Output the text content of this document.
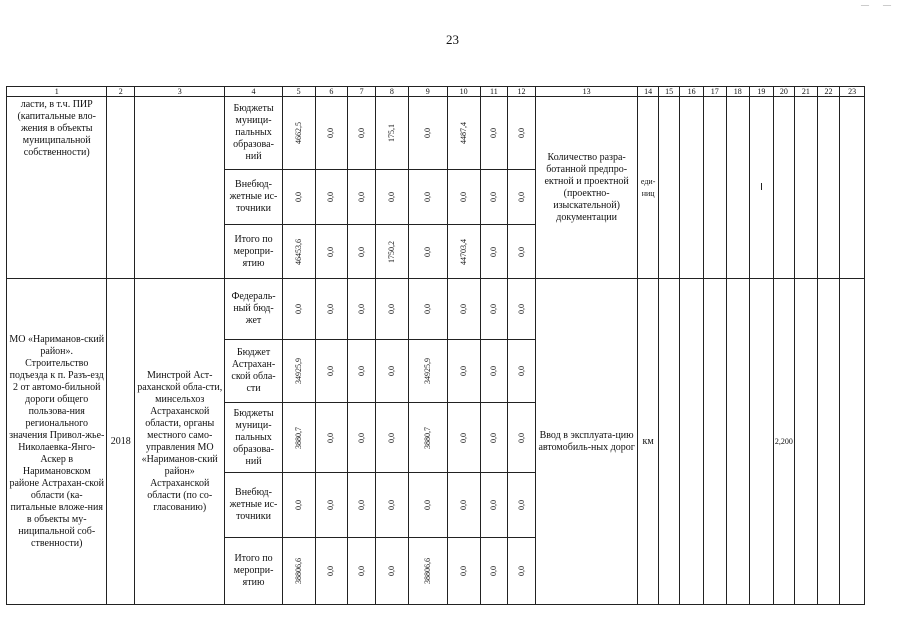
— —
23
1	2	3	4	5	6	7	8	9	10	11	12	13	14	15	16	17	18	19	20	21	22	23
ласти, в т.ч. ПИР (капитальные вло-жения в объекты муниципальной собственности)			Бюджеты муници-пальных образова-ний	4662,5	0,0	0,0	175,1	0,0	4487,4	0,0	0,0	Количество разра-ботанной предпро-ектной и проектной (проектно-изыскательной) документации	еди-ниц									
			Внебюд-жетные ис-точники	0,0	0,0	0,0	0,0	0,0	0,0	0,0	0,0											
			Итого по меропри-ятию	46453,6	0,0	0,0	1750,2	0,0	44703,4	0,0	0,0											
МО «Нариманов-ский район». Строительство подъезда к п. Разъ-езд 2 от автомо-бильной дороги общего пользова-ния регионального значения Привол-жье-Николаевка-Янго-Аскер в Наримановском районе Астрахан-ской области (ка-питальные вложе-ния в объекты му-ниципальной соб-ственности)	2018	Минстрой Аст-раханской обла-сти, минсельхоз Астраханской области, органы местного само-управления МО «Нариманов-ский район» Астраханской области (по со-гласованию)	Федераль-ный бюд-жет	0,0	0,0	0,0	0,0	0,0	0,0	0,0	0,0	Ввод в эксплуата-цию автомобиль-ных дорог	км						2,200			
			Бюджет Астрахан-ской обла-сти	34925,9	0,0	0,0	0,0	34925,9	0,0	0,0	0,0											
			Бюджеты муници-пальных образова-ний	3880,7	0,0	0,0	0,0	3880,7	0,0	0,0	0,0											
			Внебюд-жетные ис-точники	0,0	0,0	0,0	0,0	0,0	0,0	0,0	0,0											
			Итого по меропри-ятию	38806,6	0,0	0,0	0,0	38806,6	0,0	0,0	0,0											
